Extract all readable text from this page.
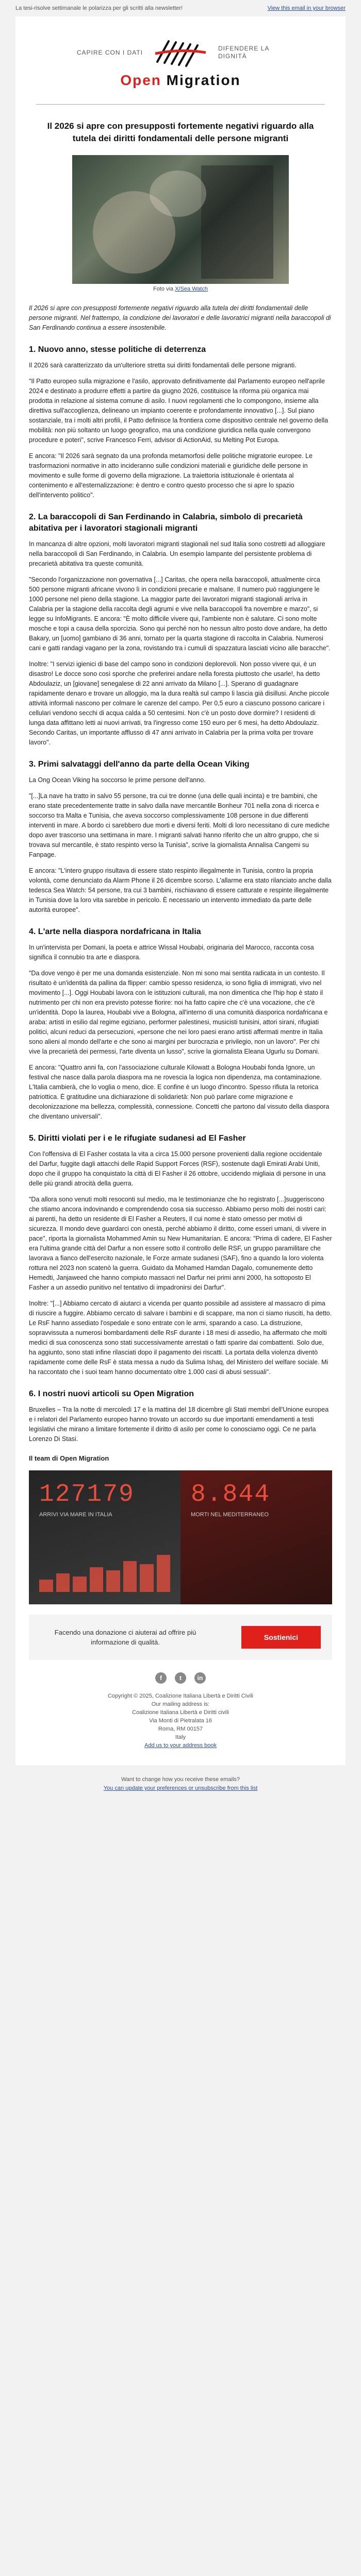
La tesi-risolve settimanale le polarizza per gli scritti alla newsletter!	View this email in your browser
CAPIRE CON I DATI
DIFENDERE LA DIGNITÀ
Open Migration
Il 2026 si apre con presupposti fortemente negativi riguardo alla tutela dei diritti fondamentali delle persone migranti
Foto via X/Sea Watch

Il 2026 si apre con presupposti fortemente negativi riguardo alla tutela dei diritti fondamentali delle persone migranti. Nel frattempo, la condizione dei lavoratori e delle lavoratrici migranti nella baraccopoli di San Ferdinando continua a essere insostenibile.

1. Nuovo anno, stesse politiche di deterrenza

Il 2026 sarà caratterizzato da un'ulteriore stretta sui diritti fondamentali delle persone migranti.

"Il Patto europeo sulla migrazione e l'asilo, approvato definitivamente dal Parlamento europeo nell'aprile 2024 e destinato a produrre effetti a partire da giugno 2026, costituisce la riforma più organica mai prodotta in relazione al sistema comune di asilo. I nuovi regolamenti che lo compongono, insieme alla direttiva sull'accoglienza, delineano un impianto coerente e profondamente innovativo [...]. Sul piano sostanziale, tra i molti altri profili, il Patto definisce la frontiera come dispositivo centrale nel governo della mobilità: non più soltanto un luogo geografico, ma una condizione giuridica nella quale convergono procedure e poteri", scrive Francesco Ferri, advisor di ActionAid, su Melting Pot Europa.

E ancora: "Il 2026 sarà segnato da una profonda metamorfosi delle politiche migratorie europee. Le trasformazioni normative in atto incideranno sulle condizioni materiali e giuridiche delle persone in movimento e sulle forme di governo della migrazione. La traiettoria istituzionale è orientata al contenimento e all'esternalizzazione: è dentro e contro questo processo che si apre lo spazio dell'intervento politico".

2. La baraccopoli di San Ferdinando in Calabria, simbolo di precarietà abitativa per i lavoratori stagionali migranti

In mancanza di altre opzioni, molti lavoratori migranti stagionali nel sud Italia sono costretti ad alloggiare nella baraccopoli di San Ferdinando, in Calabria. Un esempio lampante del persistente problema di precarietà abitativa tra queste comunità.

"Secondo l'organizzazione non governativa [...] Caritas, che opera nella baraccopoli, attualmente circa 500 persone migranti africane vivono lì in condizioni precarie e malsane. Il numero può raggiungere le 1000 persone nel pieno della stagione. La maggior parte dei lavoratori migranti stagionali arriva in Calabria per la stagione della raccolta degli agrumi e vive nella baraccopoli fra novembre e marzo", si legge su InfoMigrants. E ancora: "È molto difficile vivere qui, l'ambiente non è salutare. Ci sono molte mosche e topi a causa della sporcizia. Sono qui perché non ho nessun altro posto dove andare, ha detto Bakary, un [uomo] gambiano di 36 anni, tornato per la quarta stagione di raccolta in Calabria. Numerosi cani e gatti randagi vagano per la zona, rovistando tra i cumuli di spazzatura lasciati vicino alle baracche".

Inoltre: "I servizi igienici di base del campo sono in condizioni deplorevoli. Non posso vivere qui, è un disastro! Le docce sono così sporche che preferirei andare nella foresta piuttosto che usarle!, ha detto Abdoulaziz, un [giovane] senegalese di 22 anni arrivato da Milano [...]. Sperano di guadagnare rapidamente denaro e trovare un alloggio, ma la dura realtà sul campo li lascia già disillusi. Anche piccole attività informali nascono per colmare le carenze del campo. Per 0,5 euro a ciascuno possono caricare i cellulari vendono secchi di acqua calda a 50 centesimi. Non c'è un posto dove dormire? I residenti di lunga data affittano letti ai nuovi arrivati, tra l'ingresso come 150 euro per 6 mesi, ha detto Abdoulaziz. Secondo Caritas, un importante afflusso di 47 anni arrivato in Calabria per la prima volta per trovare lavoro".

3. Primi salvataggi dell'anno da parte della Ocean Viking

La Ong Ocean Viking ha soccorso le prime persone dell'anno.

"[...]La nave ha tratto in salvo 55 persone, tra cui tre donne (una delle quali incinta) e tre bambini, che erano state precedentemente tratte in salvo dalla nave mercantile Bonheur 701 nella zona di ricerca e soccorso tra Malta e Tunisia, che aveva soccorso complessivamente 108 persone in due differenti interventi in mare. A bordo ci sarebbero due morti e diversi feriti. Molti di loro necessitano di cure mediche dopo aver trascorso una settimana in mare. I migranti salvati hanno riferito che un altro gruppo, che si trovava sul mercantile, è stato respinto verso la Tunisia", scrive la giornalista Annalisa Cangemi su Fanpage.

E ancora: "L'intero gruppo risultava di essere stato respinto illegalmente in Tunisia, contro la propria volontà, come denunciato da Alarm Phone il 26 dicembre scorso. L'allarme era stato rilanciato anche dalla tedesca Sea Watch: 54 persone, tra cui 3 bambini, rischiavano di essere catturate e respinte illegalmente in Tunisia dove la loro vita sarebbe in pericolo. È necessario un intervento immediato da parte delle autorità europee".

4. L'arte nella diaspora nordafricana in Italia

In un'intervista per Domani, la poeta e attrice Wissal Houbabi, originaria del Marocco, racconta cosa significa il connubio tra arte e diaspora.

"Da dove vengo è per me una domanda esistenziale. Non mi sono mai sentita radicata in un contesto. Il risultato è un'identità da pallina da flipper: cambio spesso residenza, io sono figlia di immigrati, vivo nel movimento [...]. Oggi Houbabi lavora con le istituzioni culturali, ma non dimentica che l'hip hop è stato il nutrimento per chi non era previsto potesse fiorire: noi ha fatto capire che c'è una vocazione, che c'è un'identità. Dopo la laurea, Houbabi vive a Bologna, all'interno di una comunità diasporica nordafricana e araba: artisti in esilio dal regime egiziano, performer palestinesi, musicisti tunisini, attori sirani, rifugiati politici, alcuni reduci da persecuzioni, «persone che nei loro paesi erano artisti affermati mentre in Italia sono alieni al mondo dell'arte e che sono ai margini per burocrazia e privilegio, non un lavoro". Per chi vive la precarietà dei permessi, l'arte diventa un lusso", scrive la giornalista Eleana Ugurlu su Domani.

E ancora: "Quattro anni fa, con l'associazione culturale Kilowatt a Bologna Houbabi fonda Ignore, un festival che nasce dalla parola diaspora ma ne rovescia la logica non dipendenza, ma contaminazione. L'Italia cambierà, che lo voglia o meno, dice. E confine è un luogo d'incontro. Spesso rifiuta la retorica patriottica. È gratitudine una dichiarazione di solidarietà: Non può parlare come migrazione e decolonizzazione ma bellezza, complessità, connessione. Concetti che partono dal vissuto della diaspora che diventano universali".

5. Diritti violati per i e le rifugiate sudanesi ad El Fasher

Con l'offensiva di El Fasher costata la vita a circa 15.000 persone provenienti dalla regione occidentale del Darfur, fuggite dagli attacchi delle Rapid Support Forces (RSF), sostenute dagli Emirati Arabi Uniti, dopo che il gruppo ha conquistato la città di El Fasher il 26 ottobre, uccidendo migliaia di persone in una delle più grandi atrocità della guerra.

"Da allora sono venuti molti resoconti sul medio, ma le testimonianze che ho registrato [...]suggeriscono che stiamo ancora indovinando e comprendendo cosa sia successo. Abbiamo perso molti dei nostri cari: ai parenti, ha detto un residente di El Fasher a Reuters, Il cui nome è stato omesso per motivi di sicurezza. Il mondo deve guardarci con onestà, perché abbiamo il diritto, come esseri umani, di vivere in pace", riporta la giornalista Mohammed Amin su New Humanitarian. E ancora: "Prima di cadere, El Fasher era l'ultima grande città del Darfur a non essere sotto il controllo delle RSF, un gruppo paramilitare che lavorava a fianco dell'esercito nazionale, le Forze armate sudanesi (SAF), fino a quando la loro violenta rottura nel 2023 non scatenò la guerra. Guidato da Mohamed Hamdan Dagalo, comunemente detto Hemedti, Janjaweed che hanno compiuto massacri nel Darfur nei primi anni 2000, ha sottoposto El Fasher a un assedio punitivo nel tentativo di impadronirsi dei Darfur".

Inoltre: "[...] Abbiamo cercato di aiutarci a vicenda per quanto possibile ad assistere al massacro di pima di riuscire a fuggire. Abbiamo cercato di salvare i bambini e di scappare, ma non ci siamo riusciti, ha detto. Le RsF hanno assediato l'ospedale e sono entrate con le armi, sparando a caso. La distruzione, sopravvissuta a numerosi bombardamenti delle RsF durante i 18 mesi di assedio, ha affermato che molti medici di sua conoscenza sono stati successivamente arrestati o fatti sparire dai combattenti. Solo due, ha aggiunto, sono stati infine rilasciati dopo il pagamento dei riscatti. La portata della violenza diventò rapidamente come delle RsF è stata messa a nudo da Sulima Ishaq, del Ministero del welfare sociale. Mi ha raccontato che i suoi team hanno documentato oltre 1.000 casi di abusi sessuali".

6. I nostri nuovi articoli su Open Migration

Bruxelles – Tra la notte di mercoledì 17 e la mattina del 18 dicembre gli Stati membri dell'Unione europea e i relatori del Parlamento europeo hanno trovato un accordo su due importanti emendamenti a testi legislativi che mirano a limitare fortemente il diritto di asilo per come lo conosciamo oggi. Ce ne parla Lorenzo Di Stasi.

Il team di Open Migration
127179
ARRIVI VIA MARE IN ITALIA
8.844
MORTI NEL MEDITERRANEO
Facendo una donazione ci aiuterai ad offrire più informazione di qualità.
Sostienici
f	t	in
Copyright © 2025, Coalizione Italiana Libertà e Diritti Civili
Our mailing address is:
Coalizione Italiana Libertà e Diritti civili
Via Monti di Pietralata 16
Roma, RM 00157
Italy
Add us to your address book
Want to change how you receive these emails?
You can update your preferences or unsubscribe from this list
